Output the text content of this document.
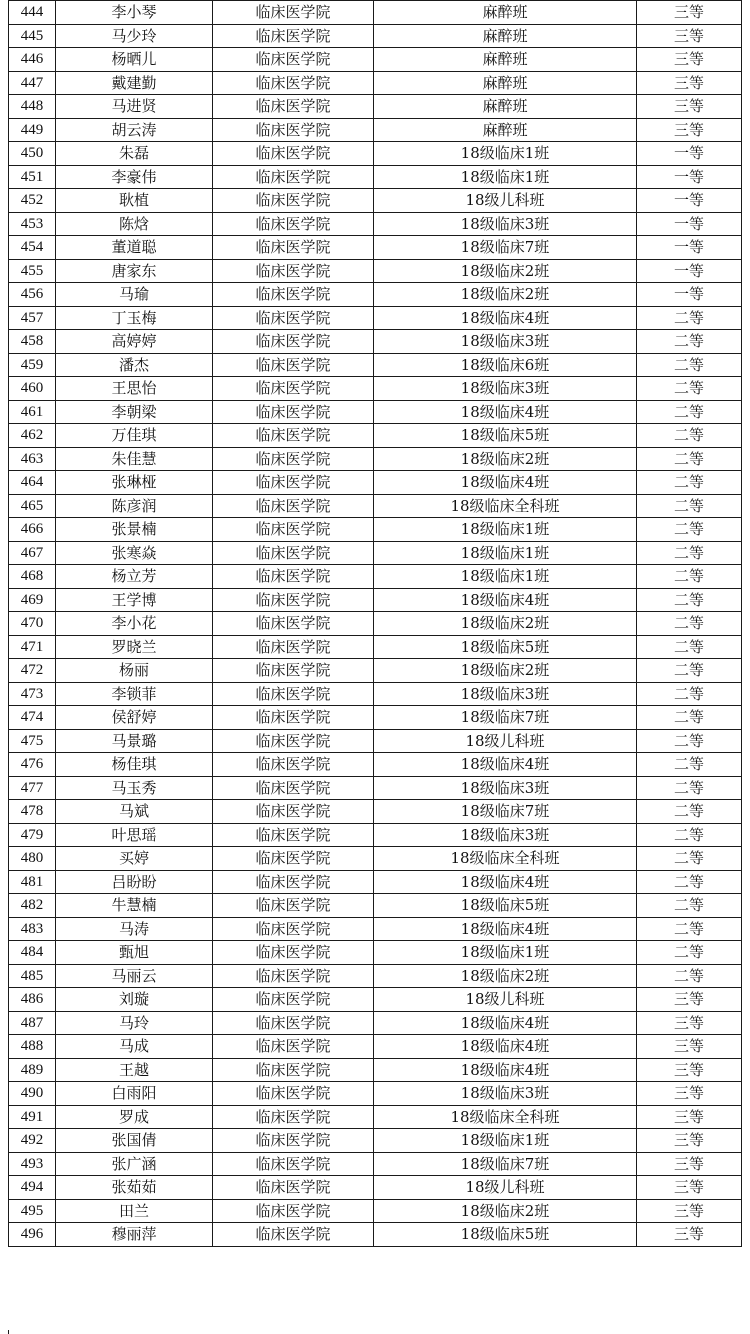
444	李小琴	临床医学院	麻醉班	三等
445	马少玲	临床医学院	麻醉班	三等
446	杨晒儿	临床医学院	麻醉班	三等
447	戴建勤	临床医学院	麻醉班	三等
448	马进贤	临床医学院	麻醉班	三等
449	胡云涛	临床医学院	麻醉班	三等
450	朱磊	临床医学院	18级临床1班	一等
451	李豪伟	临床医学院	18级临床1班	一等
452	耿植	临床医学院	18级儿科班	一等
453	陈焓	临床医学院	18级临床3班	一等
454	董道聪	临床医学院	18级临床7班	一等
455	唐家东	临床医学院	18级临床2班	一等
456	马瑜	临床医学院	18级临床2班	一等
457	丁玉梅	临床医学院	18级临床4班	二等
458	高婷婷	临床医学院	18级临床3班	二等
459	潘杰	临床医学院	18级临床6班	二等
460	王思怡	临床医学院	18级临床3班	二等
461	李朝梁	临床医学院	18级临床4班	二等
462	万佳琪	临床医学院	18级临床5班	二等
463	朱佳慧	临床医学院	18级临床2班	二等
464	张琳桠	临床医学院	18级临床4班	二等
465	陈彦润	临床医学院	18级临床全科班	二等
466	张景楠	临床医学院	18级临床1班	二等
467	张寒焱	临床医学院	18级临床1班	二等
468	杨立芳	临床医学院	18级临床1班	二等
469	王学博	临床医学院	18级临床4班	二等
470	李小花	临床医学院	18级临床2班	二等
471	罗晓兰	临床医学院	18级临床5班	二等
472	杨丽	临床医学院	18级临床2班	二等
473	李锁菲	临床医学院	18级临床3班	二等
474	侯舒婷	临床医学院	18级临床7班	二等
475	马景璐	临床医学院	18级儿科班	二等
476	杨佳琪	临床医学院	18级临床4班	二等
477	马玉秀	临床医学院	18级临床3班	二等
478	马斌	临床医学院	18级临床7班	二等
479	叶思瑶	临床医学院	18级临床3班	二等
480	买婷	临床医学院	18级临床全科班	二等
481	吕盼盼	临床医学院	18级临床4班	二等
482	牛慧楠	临床医学院	18级临床5班	二等
483	马涛	临床医学院	18级临床4班	二等
484	甄旭	临床医学院	18级临床1班	二等
485	马丽云	临床医学院	18级临床2班	二等
486	刘璇	临床医学院	18级儿科班	三等
487	马玲	临床医学院	18级临床4班	三等
488	马成	临床医学院	18级临床4班	三等
489	王越	临床医学院	18级临床4班	三等
490	白雨阳	临床医学院	18级临床3班	三等
491	罗成	临床医学院	18级临床全科班	三等
492	张国倩	临床医学院	18级临床1班	三等
493	张广涵	临床医学院	18级临床7班	三等
494	张茹茹	临床医学院	18级儿科班	三等
495	田兰	临床医学院	18级临床2班	三等
496	穆丽萍	临床医学院	18级临床5班	三等
